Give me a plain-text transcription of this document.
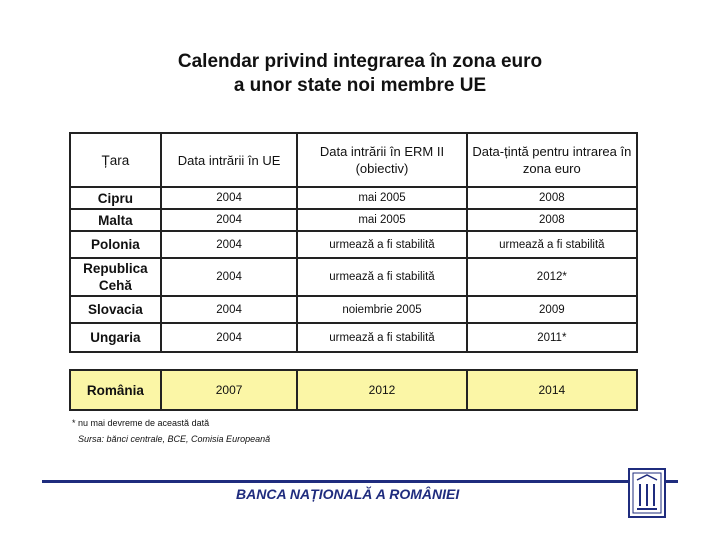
Calendar privind integrarea în zona euro
a unor state noi membre UE
Țara	Data intrării în UE	Data intrării în ERM II (obiectiv)	Data-țintă pentru intrarea în zona euro
Cipru	2004	mai 2005	2008
Malta	2004	mai 2005	2008
Polonia	2004	urmează a fi stabilită	urmează a fi stabilită
Republica Cehă	2004	urmează a fi stabilită	2012*
Slovacia	2004	noiembrie 2005	2009
Ungaria	2004	urmează a fi stabilită	2011*
România	2007	2012	2014
* nu mai devreme de această dată
Sursa: bănci centrale, BCE, Comisia Europeană
BANCA NAȚIONALĂ A ROMÂNIEI
